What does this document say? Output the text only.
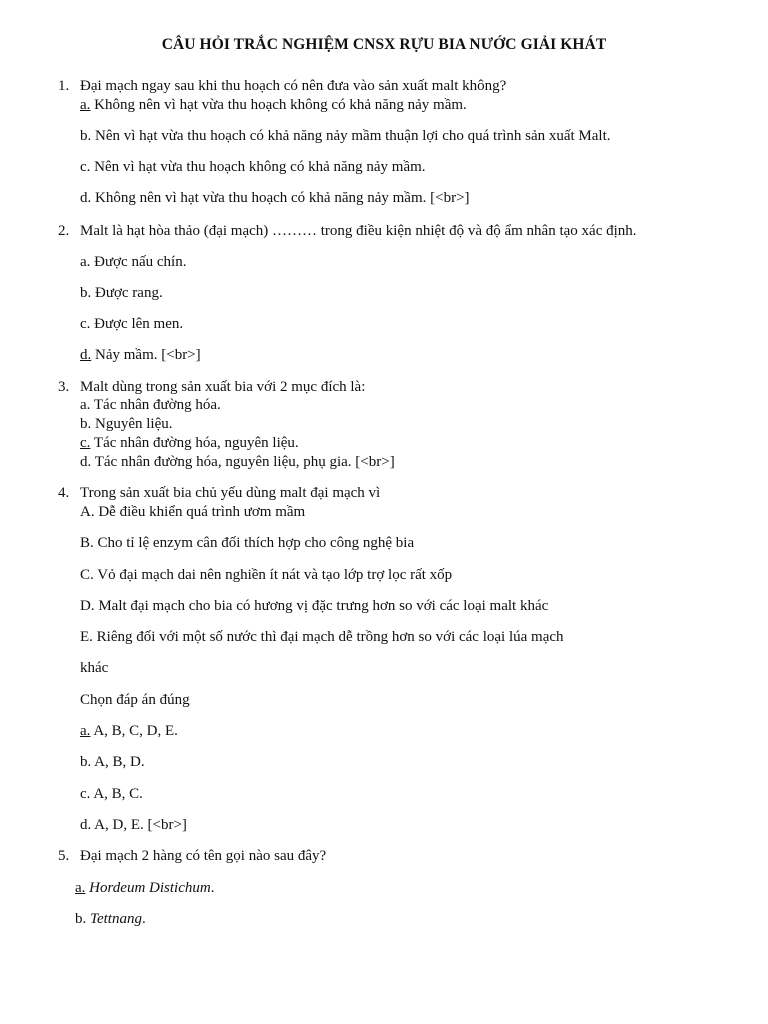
CÂU HỎI TRẮC NGHIỆM CNSX RỰU BIA NƯỚC GIẢI KHÁT
1. Đại mạch ngay sau khi thu hoạch có nên đưa vào sản xuất malt không?
a. Không nên vì hạt vừa thu hoạch không có khả năng nảy mầm.
b. Nên vì hạt vừa thu hoạch có khả năng nảy mầm thuận lợi cho quá trình sản xuất Malt.
c. Nên vì hạt vừa thu hoạch không có khả năng nảy mầm.
d. Không nên vì hạt vừa thu hoạch có khả năng nảy mầm. [<br>]
2. Malt là hạt hòa thảo (đại mạch) ……… trong điều kiện nhiệt độ và độ ẩm nhân tạo xác định.
a. Được nấu chín.
b. Được rang.
c. Được lên men.
d. Nảy mầm. [<br>]
3. Malt dùng trong sản xuất bia với 2 mục đích là:
a. Tác nhân đường hóa.
b. Nguyên liệu.
c. Tác nhân đường hóa, nguyên liệu.
d. Tác nhân đường hóa, nguyên liệu, phụ gia. [<br>]
4. Trong sản xuất bia chủ yếu dùng malt đại mạch vì
A. Dễ điều khiển quá trình ươm mầm
B. Cho tỉ lệ enzym cân đối thích hợp cho công nghệ bia
C. Vỏ đại mạch dai nên nghiền ít nát và tạo lớp trợ lọc rất xốp
D. Malt đại mạch cho bia có hương vị đặc trưng hơn so với các loại malt khác
E. Riêng đối với một số nước thì đại mạch dễ trồng hơn so với các loại lúa mạch
khác
Chọn đáp án đúng
a. A, B, C, D, E.
b. A, B, D.
c. A, B, C.
d. A, D, E. [<br>]
5. Đại mạch 2 hàng có tên gọi nào sau đây?
a. Hordeum Distichum.
b. Tettnang.
